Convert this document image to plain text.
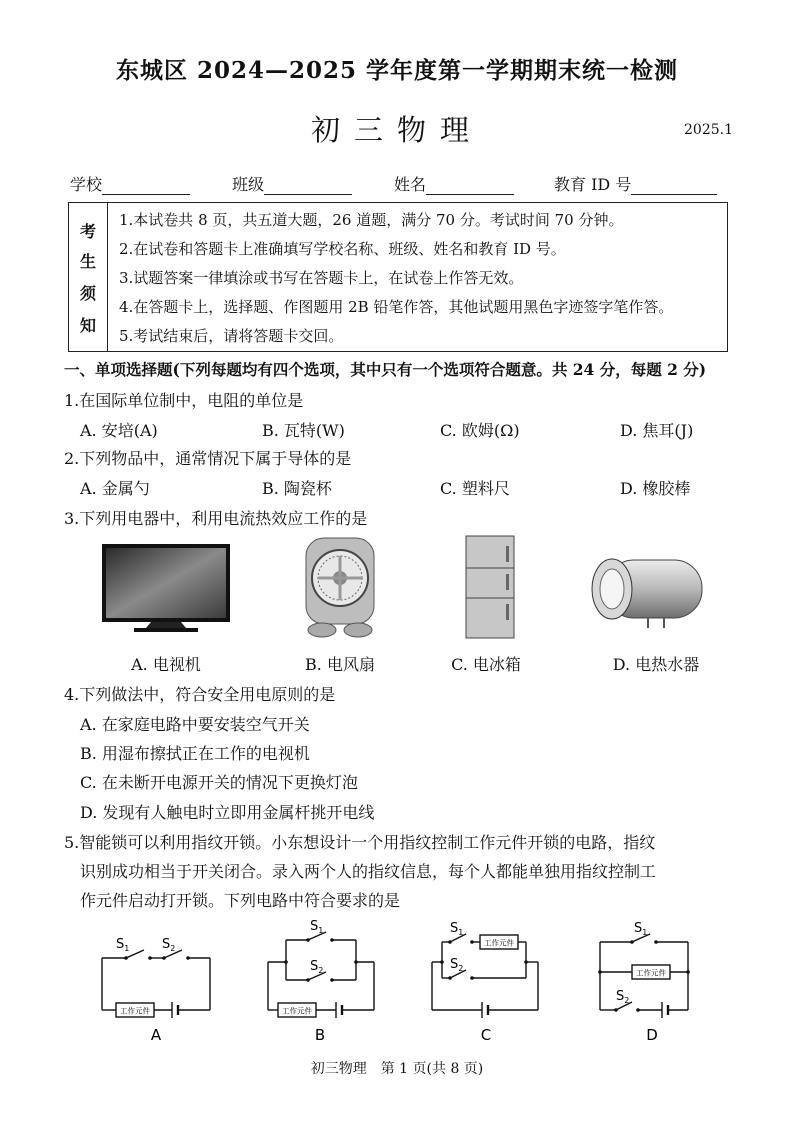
东城区 2024—2025 学年度第一学期期末统一检测
初三物理	2025.1
学校	班级	姓名	教育 ID 号
考
生
须
知
1.本试卷共 8 页，共五道大题，26 道题，满分 70 分。考试时间 70 分钟。
2.在试卷和答题卡上准确填写学校名称、班级、姓名和教育 ID 号。
3.试题答案一律填涂或书写在答题卡上，在试卷上作答无效。
4.在答题卡上，选择题、作图题用 2B 铅笔作答，其他试题用黑色字迹签字笔作答。
5.考试结束后，请将答题卡交回。
一、单项选择题(下列每题均有四个选项，其中只有一个选项符合题意。共 24 分，每题 2 分)
1.在国际单位制中，电阻的单位是
A. 安培(A)	B. 瓦特(W)	C. 欧姆(Ω)	D. 焦耳(J)
2.下列物品中，通常情况下属于导体的是
A. 金属勺	B. 陶瓷杯	C. 塑料尺	D. 橡胶棒
3.下列用电器中，利用电流热效应工作的是
A. 电视机	B. 电风扇	C. 电冰箱	D. 电热水器
4.下列做法中，符合安全用电原则的是
A. 在家庭电路中要安装空气开关
B. 用湿布擦拭正在工作的电视机
C. 在未断开电源开关的情况下更换灯泡
D. 发现有人触电时立即用金属杆挑开电线
5.智能锁可以利用指纹开锁。小东想设计一个用指纹控制工作元件开锁的电路，指纹
识别成功相当于开关闭合。录入两个人的指纹信息，每个人都能单独用指纹控制工
作元件启动打开锁。下列电路中符合要求的是
$S_1$	$S_2$
工作元件
A
$S_1$
$S_2$
工作元件
B
$S_1$
$S_2$
工作元件
C
$S_1$
$S_2$
工作元件
D
初三物理　第 1 页(共 8 页)
